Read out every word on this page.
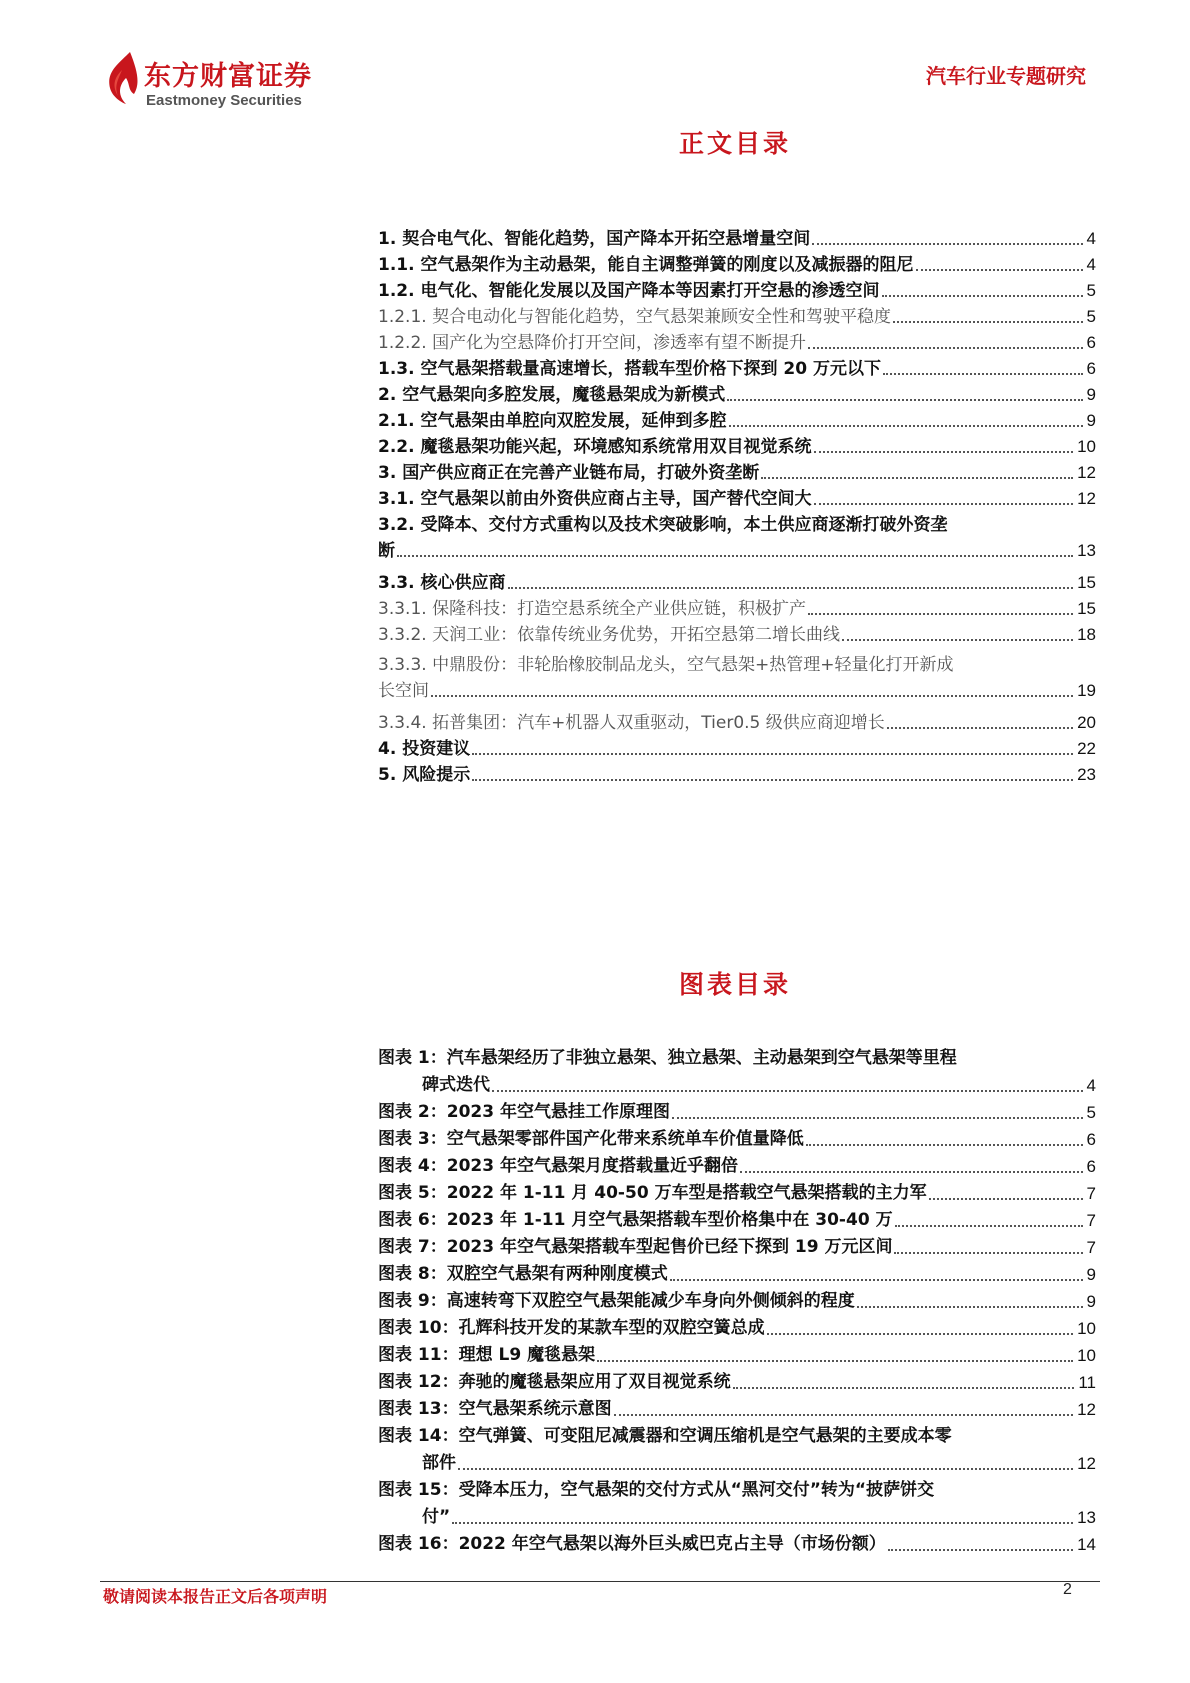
东方财富证券
Eastmoney Securities
汽车行业专题研究
正文目录
1. 契合电气化、智能化趋势，国产降本开拓空悬增量空间	4
1.1. 空气悬架作为主动悬架，能自主调整弹簧的刚度以及减振器的阻尼	4
1.2. 电气化、智能化发展以及国产降本等因素打开空悬的渗透空间	5
1.2.1. 契合电动化与智能化趋势，空气悬架兼顾安全性和驾驶平稳度	5
1.2.2. 国产化为空悬降价打开空间，渗透率有望不断提升	6
1.3. 空气悬架搭载量高速增长，搭载车型价格下探到 20 万元以下	6
2. 空气悬架向多腔发展，魔毯悬架成为新模式	9
2.1. 空气悬架由单腔向双腔发展，延伸到多腔	9
2.2. 魔毯悬架功能兴起，环境感知系统常用双目视觉系统	10
3. 国产供应商正在完善产业链布局，打破外资垄断	12
3.1. 空气悬架以前由外资供应商占主导，国产替代空间大	12
3.2. 受降本、交付方式重构以及技术突破影响，本土供应商逐渐打破外资垄
断	13
3.3. 核心供应商	15
3.3.1. 保隆科技：打造空悬系统全产业供应链，积极扩产	15
3.3.2. 天润工业：依靠传统业务优势，开拓空悬第二增长曲线	18
3.3.3. 中鼎股份：非轮胎橡胶制品龙头，空气悬架+热管理+轻量化打开新成
长空间	19
3.3.4. 拓普集团：汽车+机器人双重驱动，Tier0.5 级供应商迎增长	20
4. 投资建议	22
5. 风险提示	23
图表目录
图表 1：汽车悬架经历了非独立悬架、独立悬架、主动悬架到空气悬架等里程
碑式迭代	4
图表 2：2023 年空气悬挂工作原理图	5
图表 3：空气悬架零部件国产化带来系统单车价值量降低	6
图表 4：2023 年空气悬架月度搭载量近乎翻倍	6
图表 5：2022 年 1-11 月 40-50 万车型是搭载空气悬架搭载的主力军	7
图表 6：2023 年 1-11 月空气悬架搭载车型价格集中在 30-40 万	7
图表 7：2023 年空气悬架搭载车型起售价已经下探到 19 万元区间	7
图表 8：双腔空气悬架有两种刚度模式	9
图表 9：高速转弯下双腔空气悬架能减少车身向外侧倾斜的程度	9
图表 10：孔辉科技开发的某款车型的双腔空簧总成	10
图表 11：理想 L9 魔毯悬架	10
图表 12：奔驰的魔毯悬架应用了双目视觉系统	11
图表 13：空气悬架系统示意图	12
图表 14：空气弹簧、可变阻尼减震器和空调压缩机是空气悬架的主要成本零
部件	12
图表 15：受降本压力，空气悬架的交付方式从“黑河交付”转为“披萨饼交
付”	13
图表 16：2022 年空气悬架以海外巨头威巴克占主导（市场份额）	14
敬请阅读本报告正文后各项声明	2
